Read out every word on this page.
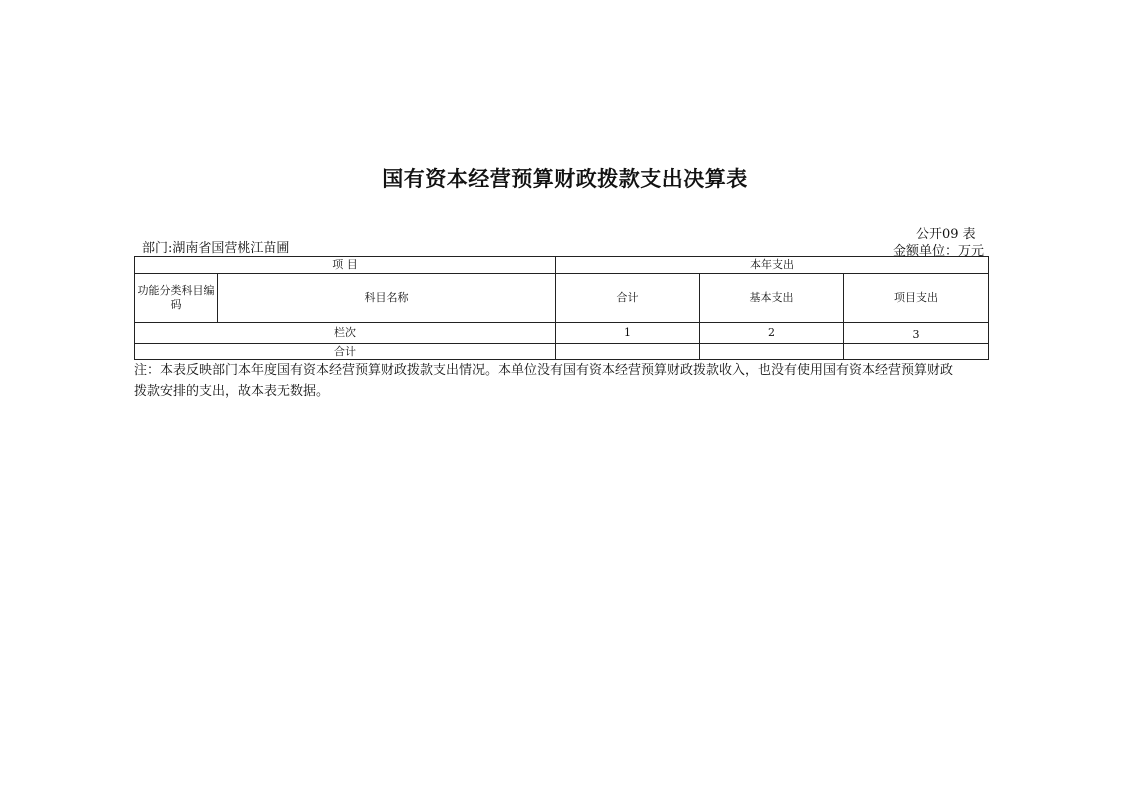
国有资本经营预算财政拨款支出决算表
公开09 表
金额单位：万元
部门:湖南省国营桃江苗圃
项 目		本年支出		
功能分类科目编码	科目名称	合计	基本支出	项目支出
栏次		1	2	3
合计				
注：本表反映部门本年度国有资本经营预算财政拨款支出情况。本单位没有国有资本经营预算财政拨款收入，也没有使用国有资本经营预算财政拨款安排的支出，故本表无数据。
